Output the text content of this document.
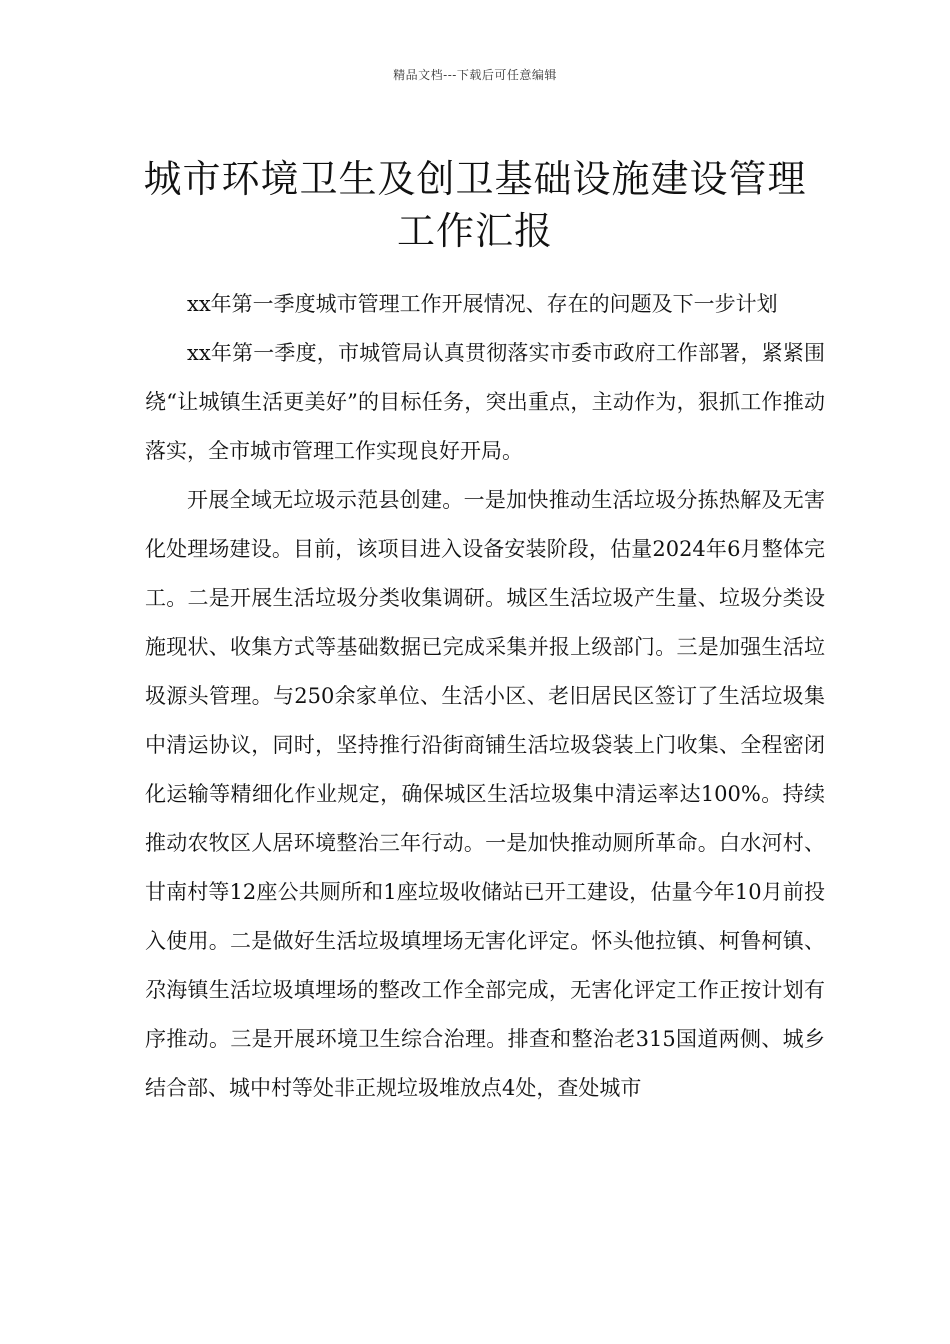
精品文档---下载后可任意编辑
城市环境卫生及创卫基础设施建设管理
工作汇报

xx年第一季度城市管理工作开展情况、存在的问题及下一步计划

xx年第一季度，市城管局认真贯彻落实市委市政府工作部署，紧紧围绕“让城镇生活更美好”的目标任务，突出重点，主动作为，狠抓工作推动落实，全市城市管理工作实现良好开局。

开展全域无垃圾示范县创建。一是加快推动生活垃圾分拣热解及无害化处理场建设。目前，该项目进入设备安装阶段，估量2024年6月整体完工。二是开展生活垃圾分类收集调研。城区生活垃圾产生量、垃圾分类设施现状、收集方式等基础数据已完成采集并报上级部门。三是加强生活垃圾源头管理。与250余家单位、生活小区、老旧居民区签订了生活垃圾集中清运协议，同时，坚持推行沿街商铺生活垃圾袋装上门收集、全程密闭化运输等精细化作业规定，确保城区生活垃圾集中清运率达100%。持续推动农牧区人居环境整治三年行动。一是加快推动厕所革命。白水河村、甘南村等12座公共厕所和1座垃圾收储站已开工建设，估量今年10月前投入使用。二是做好生活垃圾填埋场无害化评定。怀头他拉镇、柯鲁柯镇、尕海镇生活垃圾填埋场的整改工作全部完成，无害化评定工作正按计划有序推动。三是开展环境卫生综合治理。排查和整治老315国道两侧、城乡结合部、城中村等处非正规垃圾堆放点4处，查处城市
